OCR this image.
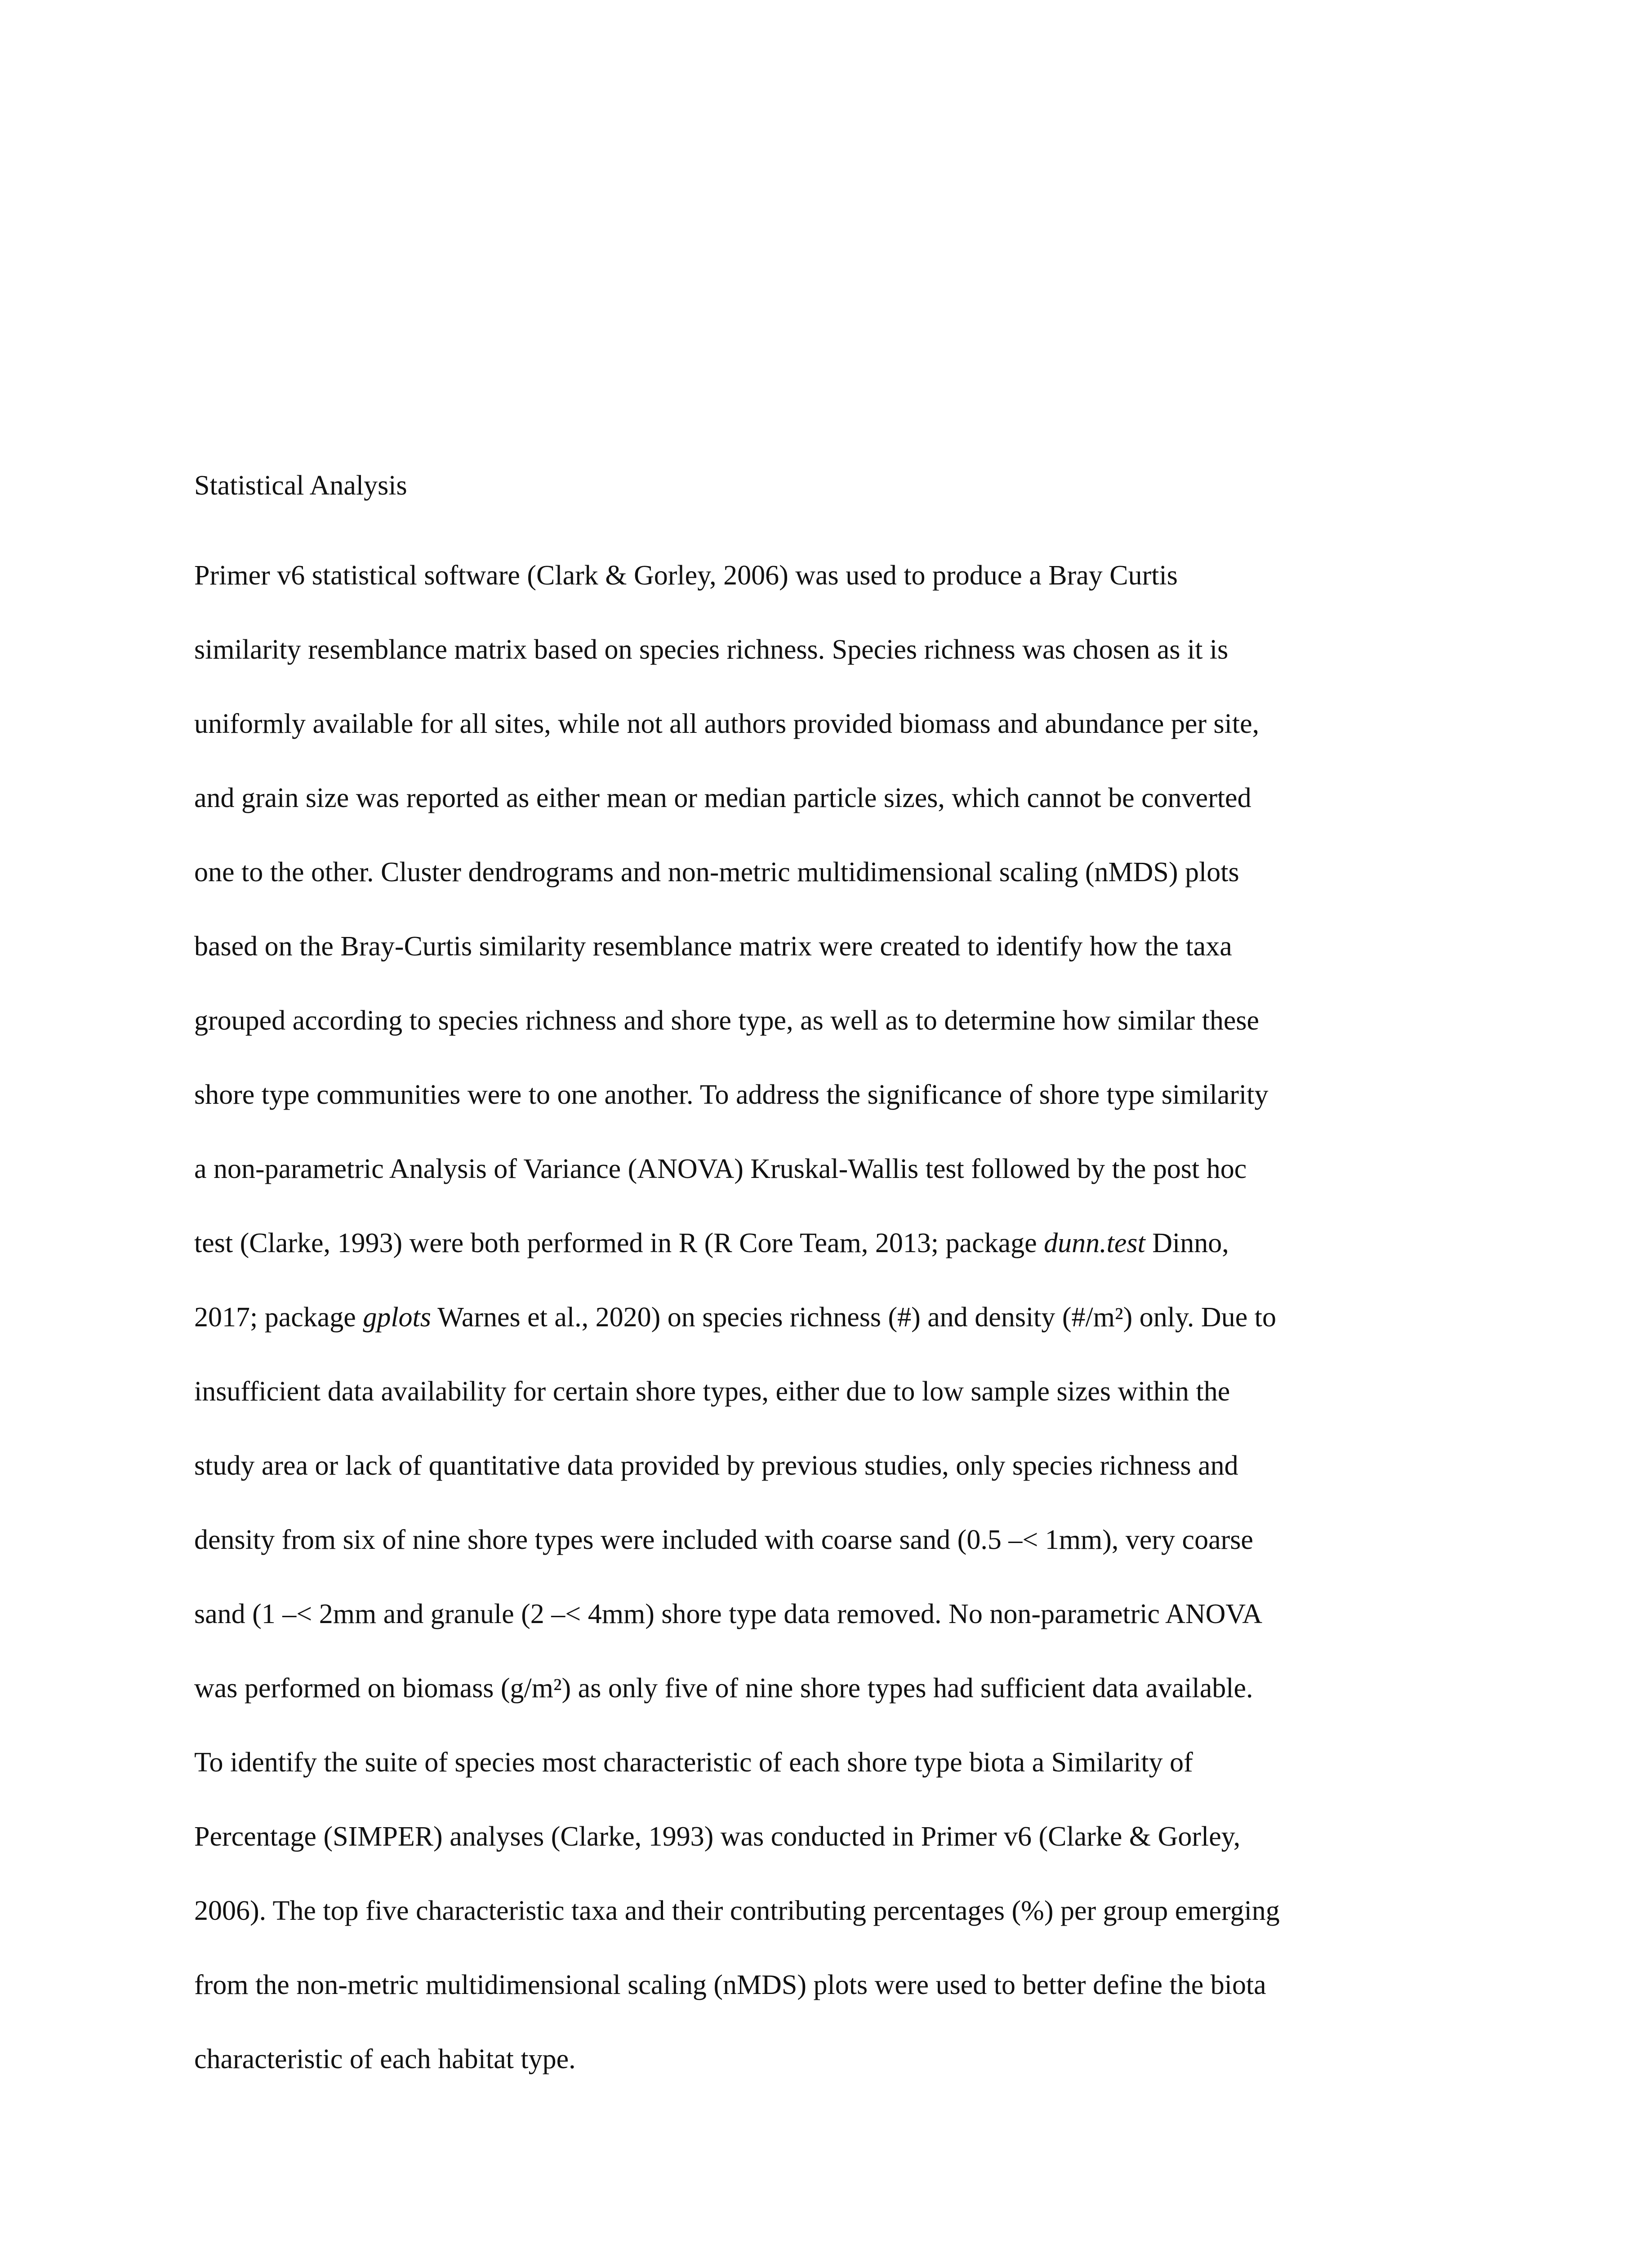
Statistical Analysis
Primer v6 statistical software (Clark & Gorley, 2006) was used to produce a Bray Curtis
similarity resemblance matrix based on species richness. Species richness was chosen as it is
uniformly available for all sites, while not all authors provided biomass and abundance per site,
and grain size was reported as either mean or median particle sizes, which cannot be converted
one to the other. Cluster dendrograms and non-metric multidimensional scaling (nMDS) plots
based on the Bray-Curtis similarity resemblance matrix were created to identify how the taxa
grouped according to species richness and shore type, as well as to determine how similar these
shore type communities were to one another. To address the significance of shore type similarity
a non-parametric Analysis of Variance (ANOVA) Kruskal-Wallis test followed by the post hoc
test (Clarke, 1993) were both performed in R (R Core Team, 2013; package dunn.test Dinno,
2017; package gplots Warnes et al., 2020) on species richness (#) and density (#/m²) only. Due to
insufficient data availability for certain shore types, either due to low sample sizes within the
study area or lack of quantitative data provided by previous studies, only species richness and
density from six of nine shore types were included with coarse sand (0.5 –< 1mm), very coarse
sand (1 –< 2mm and granule (2 –< 4mm) shore type data removed. No non-parametric ANOVA
was performed on biomass (g/m²) as only five of nine shore types had sufficient data available.
To identify the suite of species most characteristic of each shore type biota a Similarity of
Percentage (SIMPER) analyses (Clarke, 1993) was conducted in Primer v6 (Clarke & Gorley,
2006). The top five characteristic taxa and their contributing percentages (%) per group emerging
from the non-metric multidimensional scaling (nMDS) plots were used to better define the biota
characteristic of each habitat type.
